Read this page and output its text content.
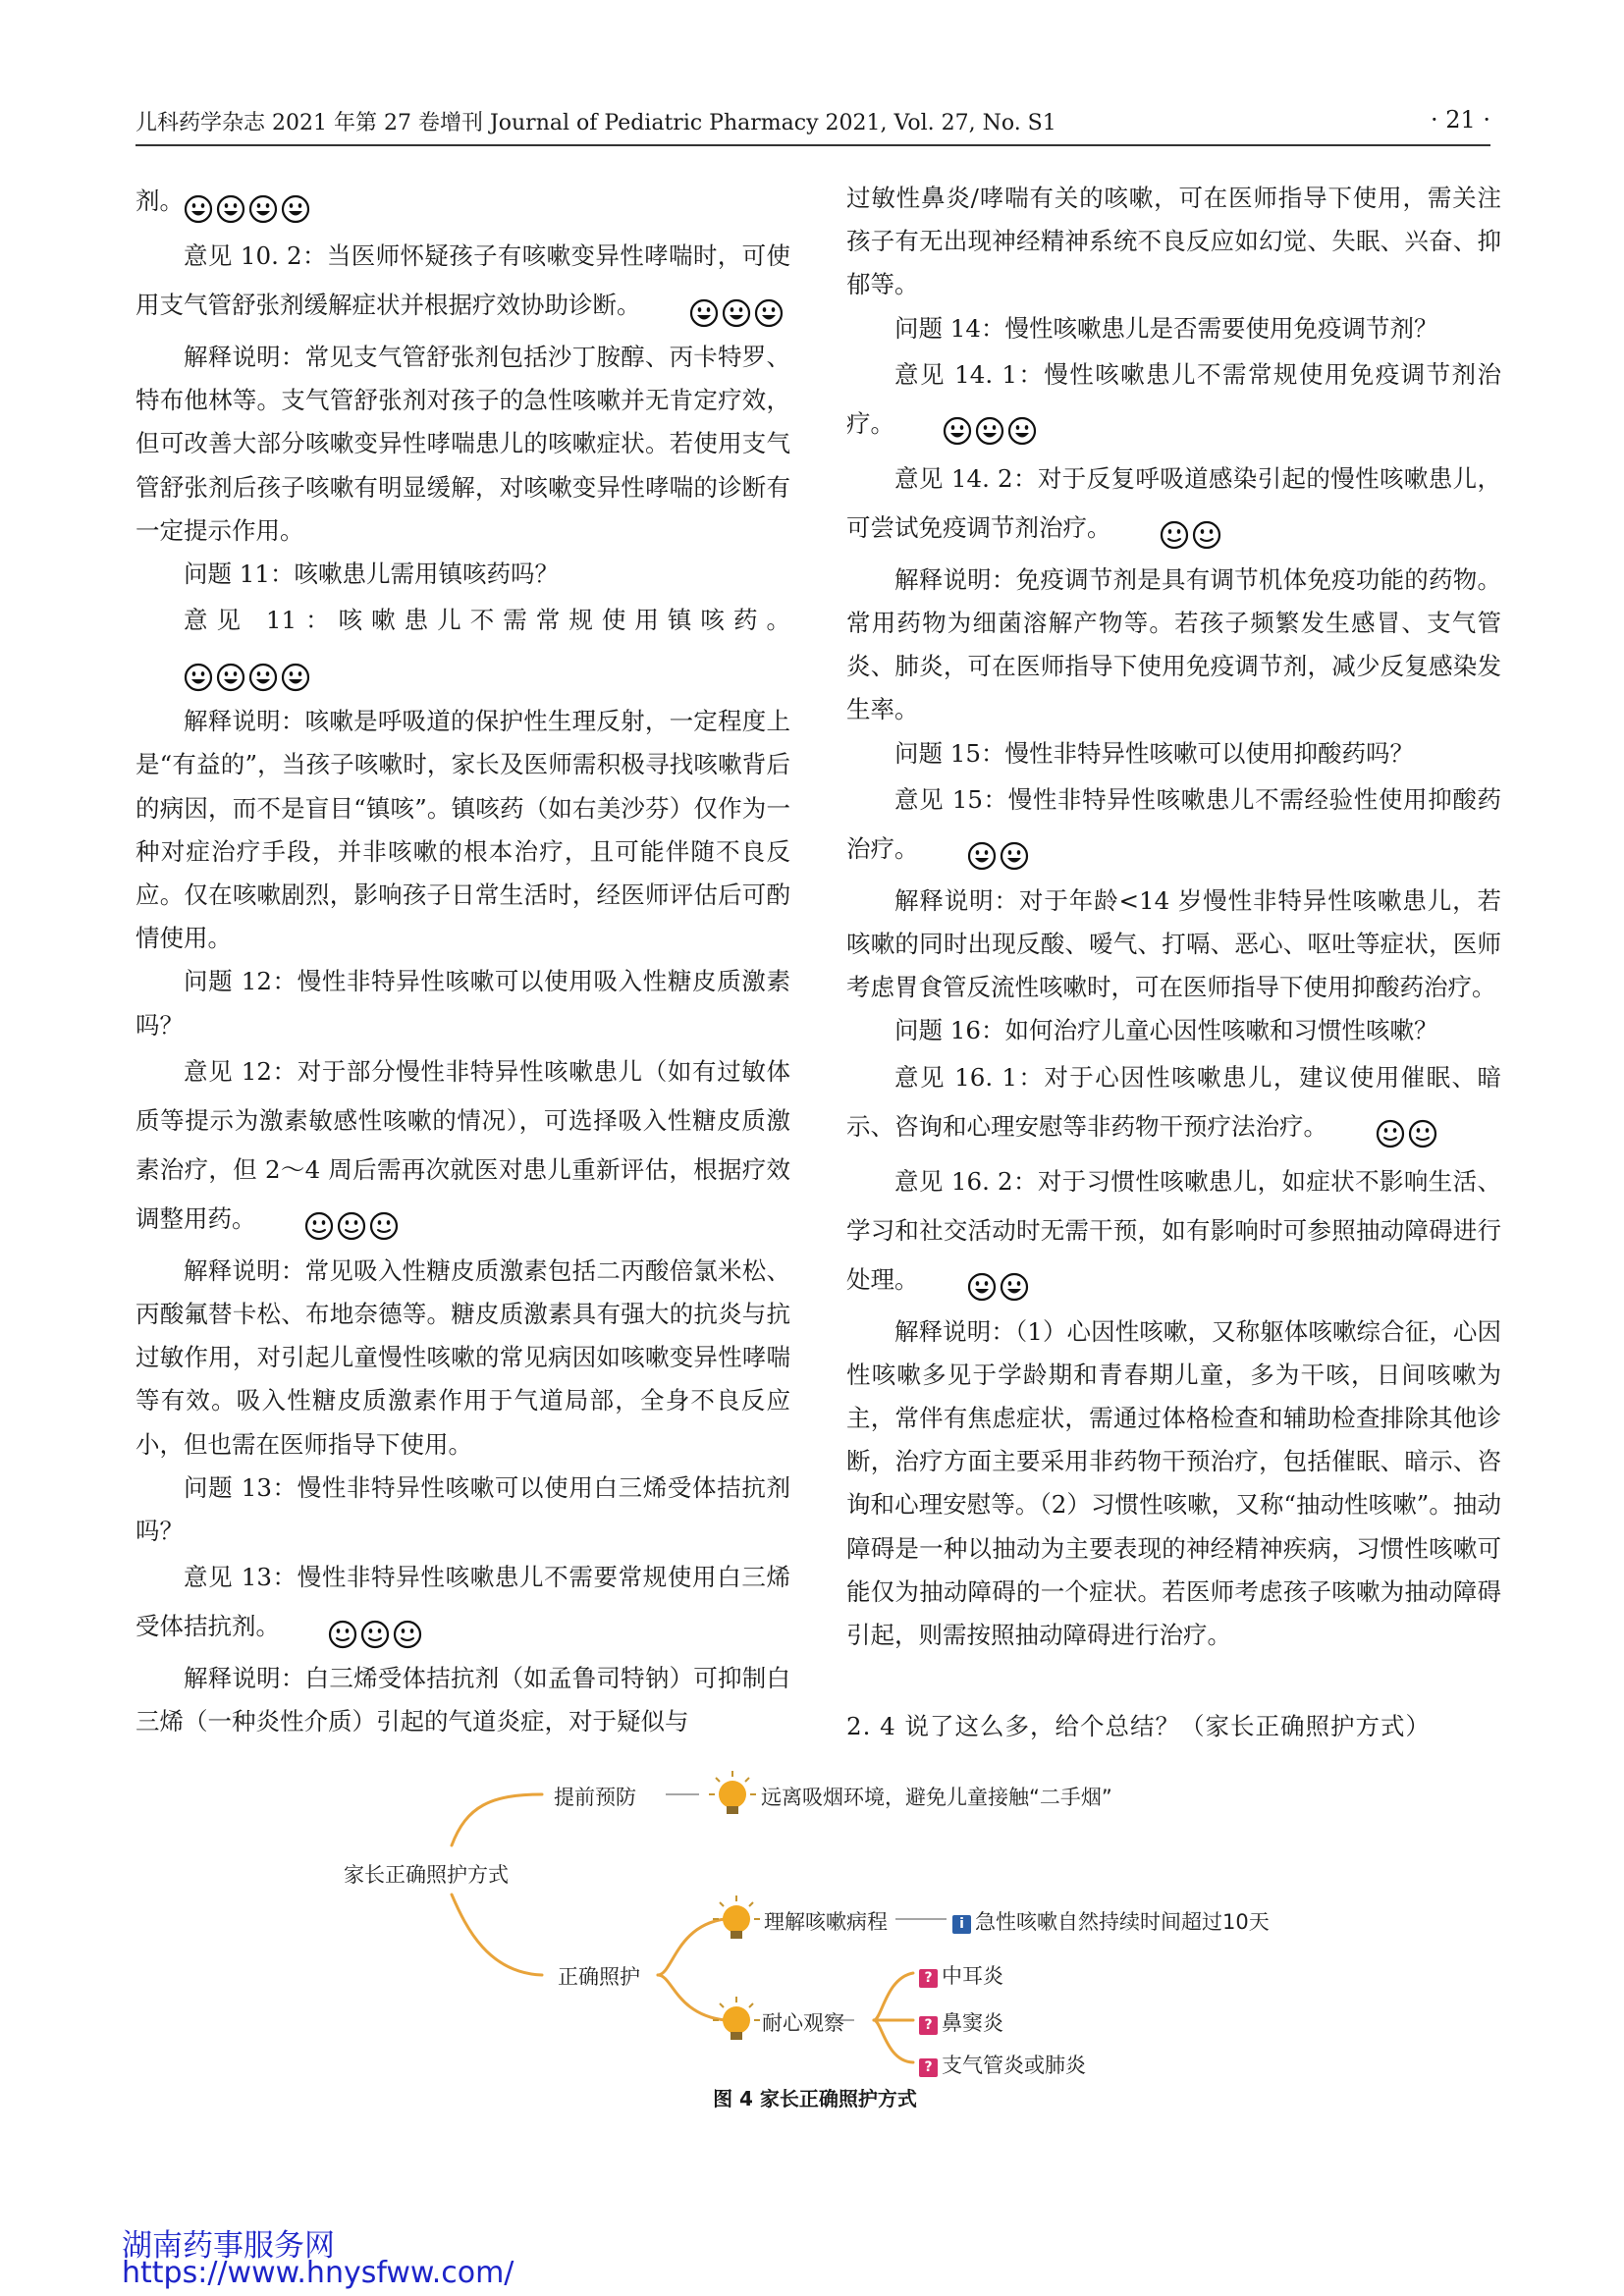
儿科药学杂志 2021 年第 27 卷增刊 Journal of Pediatric Pharmacy 2021, Vol. 27, No. S1	· 21 ·

剂。

意见 10. 2：当医师怀疑孩子有咳嗽变异性哮喘时，可使用支气管舒张剂缓解症状并根据疗效协助诊断。

解释说明：常见支气管舒张剂包括沙丁胺醇、丙卡特罗、特布他林等。支气管舒张剂对孩子的急性咳嗽并无肯定疗效，但可改善大部分咳嗽变异性哮喘患儿的咳嗽症状。若使用支气管舒张剂后孩子咳嗽有明显缓解，对咳嗽变异性哮喘的诊断有一定提示作用。

问题 11：咳嗽患儿需用镇咳药吗？

意见 11：咳嗽患儿不需常规使用镇咳药。

解释说明：咳嗽是呼吸道的保护性生理反射，一定程度上是“有益的”，当孩子咳嗽时，家长及医师需积极寻找咳嗽背后的病因，而不是盲目“镇咳”。镇咳药（如右美沙芬）仅作为一种对症治疗手段，并非咳嗽的根本治疗，且可能伴随不良反应。仅在咳嗽剧烈，影响孩子日常生活时，经医师评估后可酌情使用。

问题 12：慢性非特异性咳嗽可以使用吸入性糖皮质激素吗？

意见 12：对于部分慢性非特异性咳嗽患儿（如有过敏体质等提示为激素敏感性咳嗽的情况），可选择吸入性糖皮质激素治疗，但 2～4 周后需再次就医对患儿重新评估，根据疗效调整用药。

解释说明：常见吸入性糖皮质激素包括二丙酸倍氯米松、丙酸氟替卡松、布地奈德等。糖皮质激素具有强大的抗炎与抗过敏作用，对引起儿童慢性咳嗽的常见病因如咳嗽变异性哮喘等有效。吸入性糖皮质激素作用于气道局部，全身不良反应小，但也需在医师指导下使用。

问题 13：慢性非特异性咳嗽可以使用白三烯受体拮抗剂吗？

意见 13：慢性非特异性咳嗽患儿不需要常规使用白三烯受体拮抗剂。

解释说明：白三烯受体拮抗剂（如孟鲁司特钠）可抑制白三烯（一种炎性介质）引起的气道炎症，对于疑似与

过敏性鼻炎/哮喘有关的咳嗽，可在医师指导下使用，需关注孩子有无出现神经精神系统不良反应如幻觉、失眠、兴奋、抑郁等。

问题 14：慢性咳嗽患儿是否需要使用免疫调节剂？

意见 14. 1：慢性咳嗽患儿不需常规使用免疫调节剂治疗。

意见 14. 2：对于反复呼吸道感染引起的慢性咳嗽患儿，可尝试免疫调节剂治疗。

解释说明：免疫调节剂是具有调节机体免疫功能的药物。常用药物为细菌溶解产物等。若孩子频繁发生感冒、支气管炎、肺炎，可在医师指导下使用免疫调节剂，减少反复感染发生率。

问题 15：慢性非特异性咳嗽可以使用抑酸药吗？

意见 15：慢性非特异性咳嗽患儿不需经验性使用抑酸药治疗。

解释说明：对于年龄<14 岁慢性非特异性咳嗽患儿，若咳嗽的同时出现反酸、嗳气、打嗝、恶心、呕吐等症状，医师考虑胃食管反流性咳嗽时，可在医师指导下使用抑酸药治疗。

问题 16：如何治疗儿童心因性咳嗽和习惯性咳嗽？

意见 16. 1：对于心因性咳嗽患儿，建议使用催眠、暗示、咨询和心理安慰等非药物干预疗法治疗。

意见 16. 2：对于习惯性咳嗽患儿，如症状不影响生活、学习和社交活动时无需干预，如有影响时可参照抽动障碍进行处理。

解释说明：（1）心因性咳嗽，又称躯体咳嗽综合征，心因性咳嗽多见于学龄期和青春期儿童，多为干咳，日间咳嗽为主，常伴有焦虑症状，需通过体格检查和辅助检查排除其他诊断，治疗方面主要采用非药物干预治疗，包括催眠、暗示、咨询和心理安慰等。（2）习惯性咳嗽，又称“抽动性咳嗽”。抽动障碍是一种以抽动为主要表现的神经精神疾病，习惯性咳嗽可能仅为抽动障碍的一个症状。若医师考虑孩子咳嗽为抽动障碍引起，则需按照抽动障碍进行治疗。

2. 4 说了这么多，给个总结？（家长正确照护方式）
家长正确照护方式
提前预防	远离吸烟环境，避免儿童接触“二手烟”
正确照护
理解咳嗽病程	i 急性咳嗽自然持续时间超过10天
耐心观察
? 中耳炎
? 鼻窦炎
? 支气管炎或肺炎
图 4 家长正确照护方式
湖南药事服务网
https://www.hnysfww.com/
